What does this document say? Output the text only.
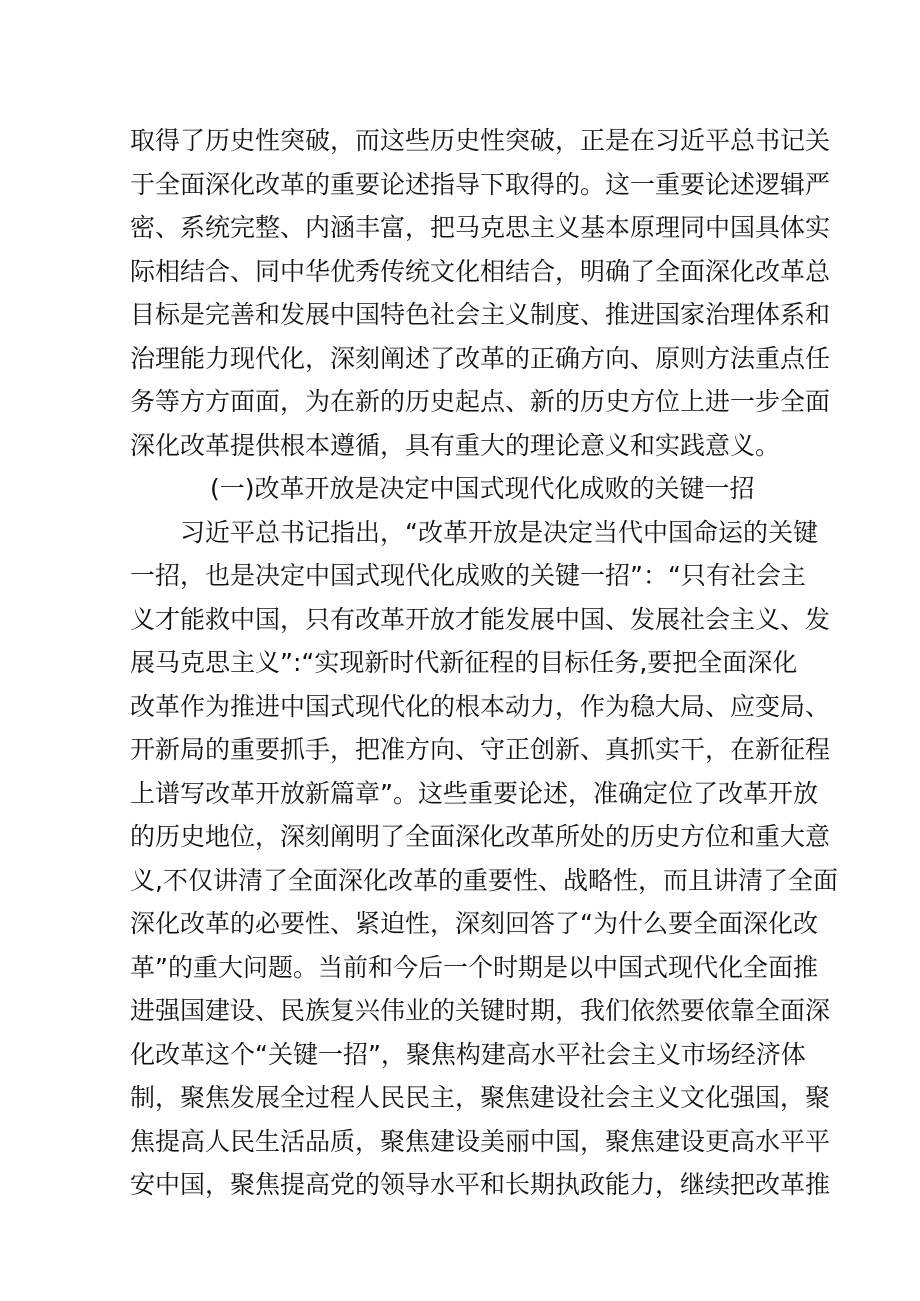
取得了历史性突破，而这些历史性突破，正是在习近平总书记关
于全面深化改革的重要论述指导下取得的。这一重要论述逻辑严
密、系统完整、内涵丰富，把马克思主义基本原理同中国具体实
际相结合、同中华优秀传统文化相结合，明确了全面深化改革总
目标是完善和发展中国特色社会主义制度、推进国家治理体系和
治理能力现代化，深刻阐述了改革的正确方向、原则方法重点任
务等方方面面，为在新的历史起点、新的历史方位上进一步全面
深化改革提供根本遵循，具有重大的理论意义和实践意义。
(一)改革开放是决定中国式现代化成败的关键一招
习近平总书记指出，“改革开放是决定当代中国命运的关键
一招，也是决定中国式现代化成败的关键一招”：“只有社会主
义才能救中国，只有改革开放才能发展中国、发展社会主义、发
展马克思主义”:“实现新时代新征程的目标任务,要把全面深化
改革作为推进中国式现代化的根本动力，作为稳大局、应变局、
开新局的重要抓手，把准方向、守正创新、真抓实干，在新征程
上谱写改革开放新篇章”。这些重要论述，准确定位了改革开放
的历史地位，深刻阐明了全面深化改革所处的历史方位和重大意
义,不仅讲清了全面深化改革的重要性、战略性，而且讲清了全面
深化改革的必要性、紧迫性，深刻回答了“为什么要全面深化改
革”的重大问题。当前和今后一个时期是以中国式现代化全面推
进强国建设、民族复兴伟业的关键时期，我们依然要依靠全面深
化改革这个“关键一招”，聚焦构建高水平社会主义市场经济体
制，聚焦发展全过程人民民主，聚焦建设社会主义文化强国，聚
焦提高人民生活品质，聚焦建设美丽中国，聚焦建设更高水平平
安中国，聚焦提高党的领导水平和长期执政能力，继续把改革推
